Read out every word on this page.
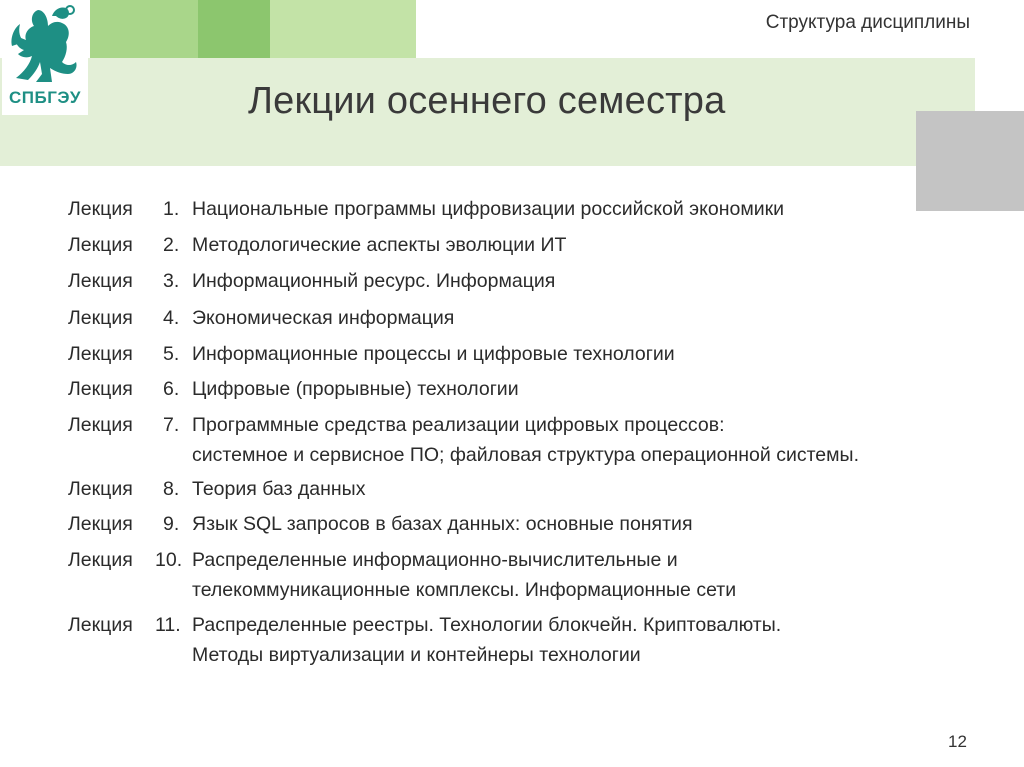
СПБГЭУ
Структура дисциплины
Лекции осеннего семестра
Лекция 1. Национальные программы цифровизации российской экономики
Лекция 2. Методологические аспекты эволюции ИТ
Лекция 3. Информационный ресурс. Информация
Лекция 4. Экономическая информация
Лекция 5. Информационные процессы и цифровые технологии
Лекция 6. Цифровые (прорывные) технологии
Лекция 7. Программные средства реализации цифровых процессов:
системное и сервисное ПО; файловая структура операционной системы.
Лекция 8. Теория баз данных
Лекция 9. Язык SQL запросов в базах данных: основные понятия
Лекция 10. Распределенные информационно-вычислительные и
телекоммуникационные комплексы. Информационные сети
Лекция 11. Распределенные реестры. Технологии блокчейн. Криптовалюты.
Методы виртуализации и контейнеры технологии
12
